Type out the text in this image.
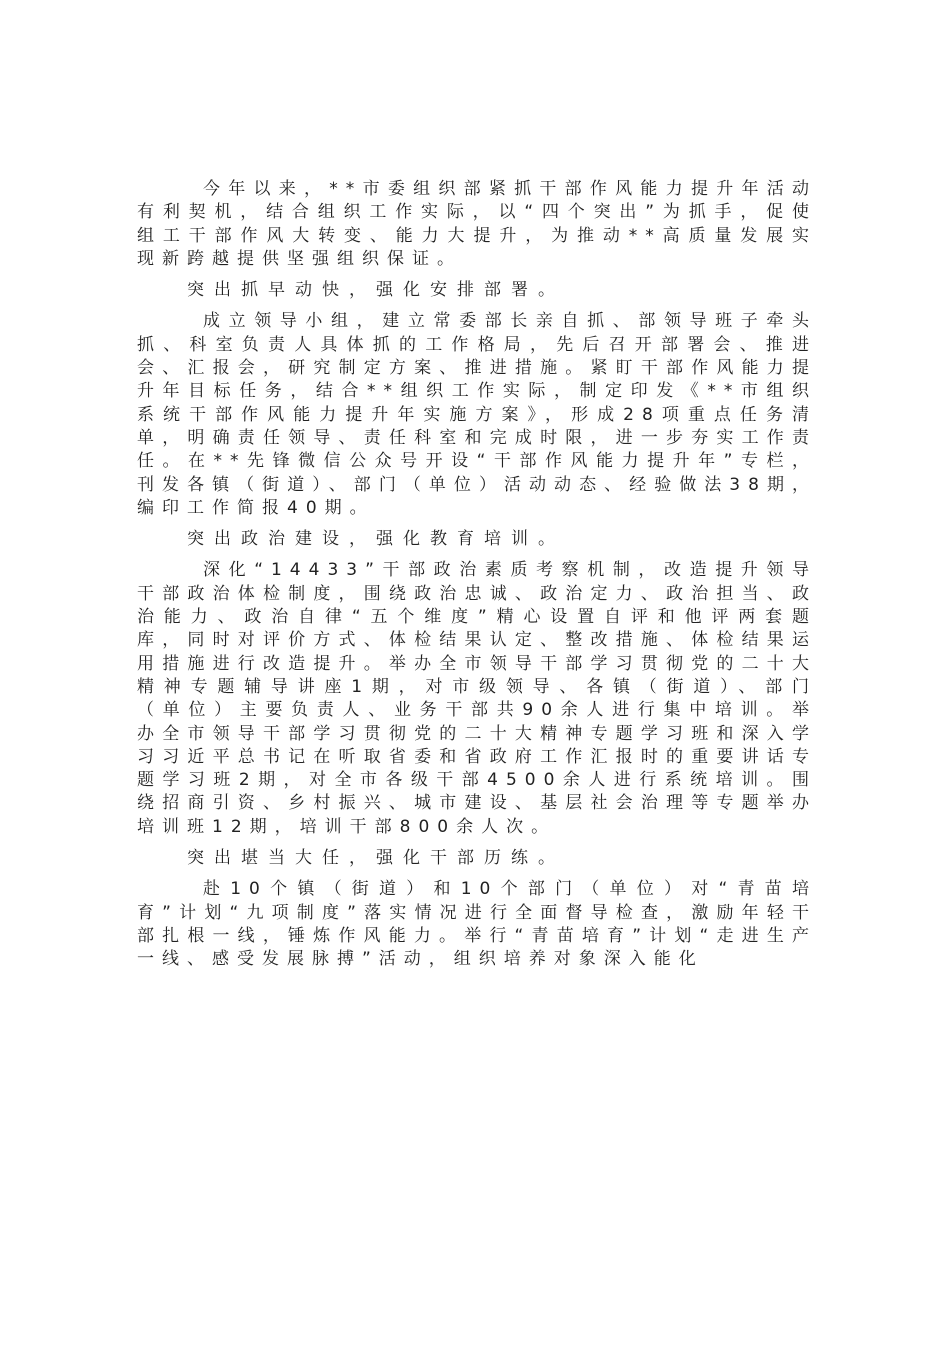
今年以来，**市委组织部紧抓干部作风能力提升年活动有利契机，结合组织工作实际，以“四个突出”为抓手，促使组工干部作风大转变、能力大提升，为推动**高质量发展实现新跨越提供坚强组织保证。

突出抓早动快，强化安排部署。

成立领导小组，建立常委部长亲自抓、部领导班子牵头抓、科室负责人具体抓的工作格局，先后召开部署会、推进会、汇报会，研究制定方案、推进措施。紧盯干部作风能力提升年目标任务，结合**组织工作实际，制定印发《**市组织系统干部作风能力提升年实施方案》，形成28项重点任务清单，明确责任领导、责任科室和完成时限，进一步夯实工作责任。在**先锋微信公众号开设“干部作风能力提升年”专栏，刊发各镇（街道）、部门（单位）活动动态、经验做法38期，编印工作简报40期。

突出政治建设，强化教育培训。

深化“14433”干部政治素质考察机制，改造提升领导干部政治体检制度，围绕政治忠诚、政治定力、政治担当、政治能力、政治自律“五个维度”精心设置自评和他评两套题库，同时对评价方式、体检结果认定、整改措施、体检结果运用措施进行改造提升。举办全市领导干部学习贯彻党的二十大精神专题辅导讲座1期，对市级领导、各镇（街道）、部门（单位）主要负责人、业务干部共90余人进行集中培训。举办全市领导干部学习贯彻党的二十大精神专题学习班和深入学习习近平总书记在听取省委和省政府工作汇报时的重要讲话专题学习班2期，对全市各级干部4500余人进行系统培训。围绕招商引资、乡村振兴、城市建设、基层社会治理等专题举办培训班12期，培训干部800余人次。

突出堪当大任，强化干部历练。

赴10个镇（街道）和10个部门（单位）对“青苗培育”计划“九项制度”落实情况进行全面督导检查，激励年轻干部扎根一线，锤炼作风能力。举行“青苗培育”计划“走进生产一线、感受发展脉搏”活动，组织培养对象深入能化
